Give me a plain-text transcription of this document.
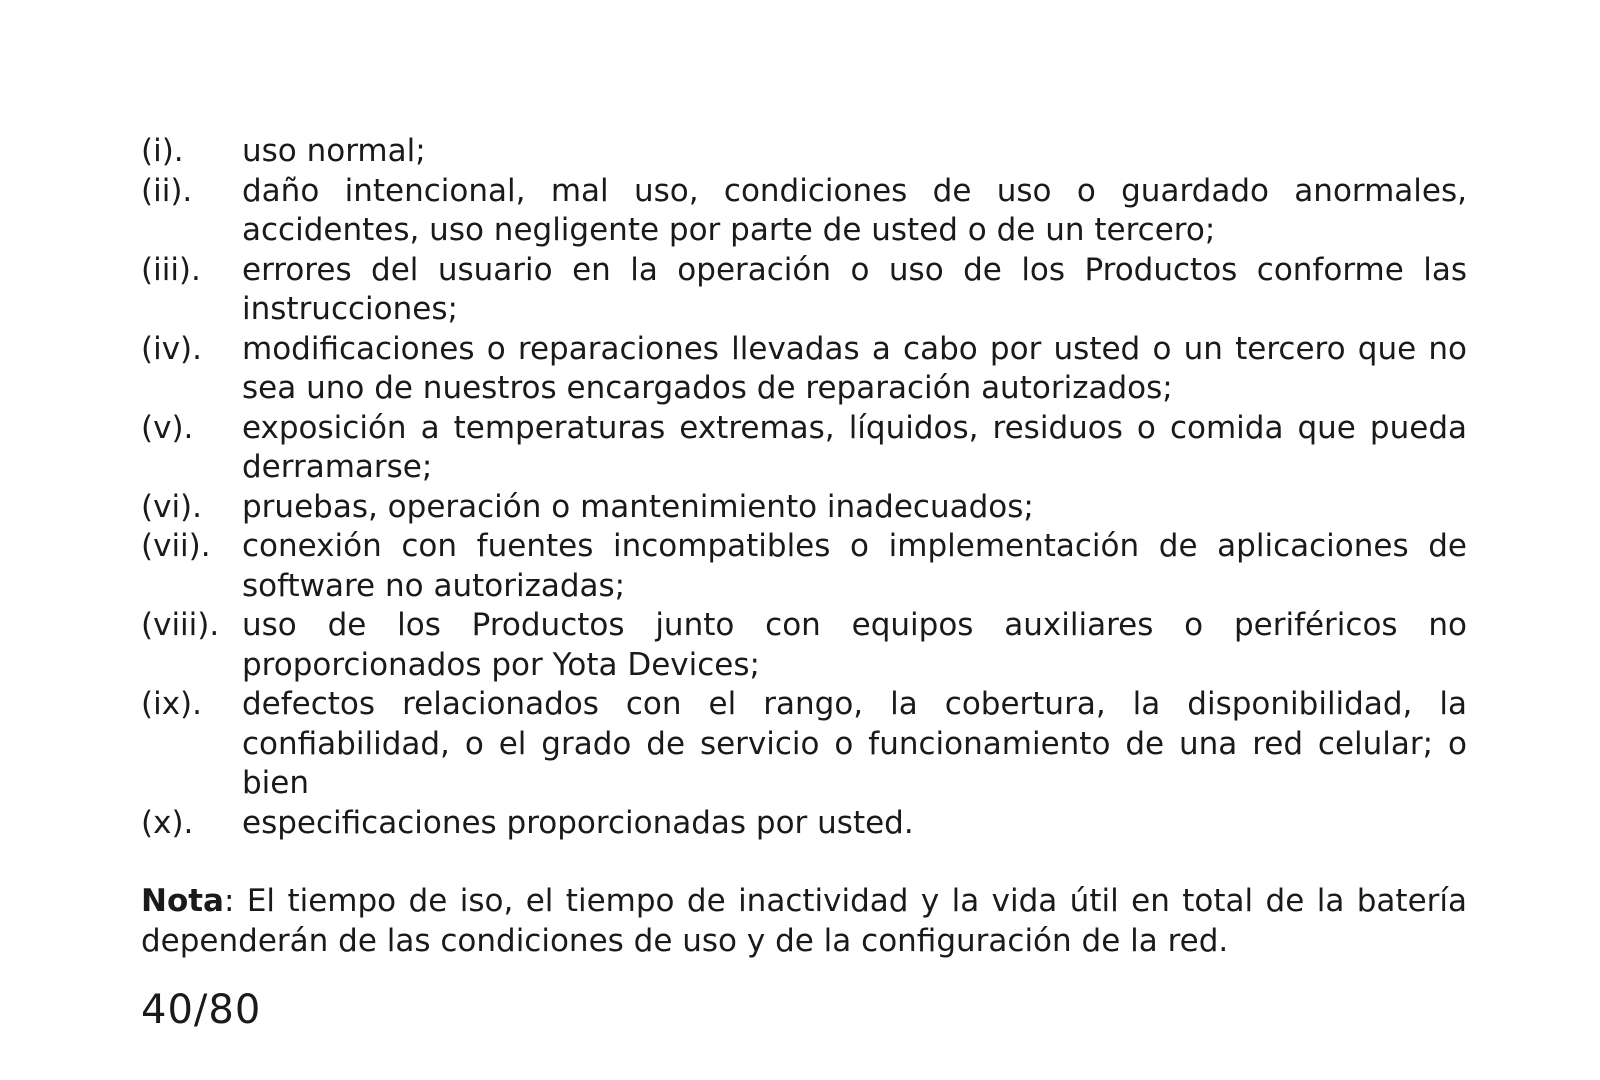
(i).	uso normal;
(ii).	daño intencional, mal uso, condiciones de uso o guardado anormales, accidentes, uso negligente por parte de usted o de un tercero;
(iii).	errores del usuario en la operación o uso de los Productos conforme las instrucciones;
(iv).	modificaciones o reparaciones llevadas a cabo por usted o un tercero que no sea uno de nuestros encargados de reparación autorizados;
(v).	exposición a temperaturas extremas, líquidos, residuos o comida que pueda derramarse;
(vi).	pruebas, operación o mantenimiento inadecuados;
(vii).	conexión con fuentes incompatibles o implementación de aplicaciones de software no autorizadas;
(viii). uso de los Productos junto con equipos auxiliares o periféricos no proporcionados por Yota Devices;
(ix).	defectos relacionados con el rango, la cobertura, la disponibilidad, la confiabilidad, o el grado de servicio o funcionamiento de una red celular; o bien
(x).	especificaciones proporcionadas por usted.

Nota: El tiempo de iso, el tiempo de inactividad y la vida útil en total de la batería dependerán de las condiciones de uso y de la configuración de la red.

40/80
